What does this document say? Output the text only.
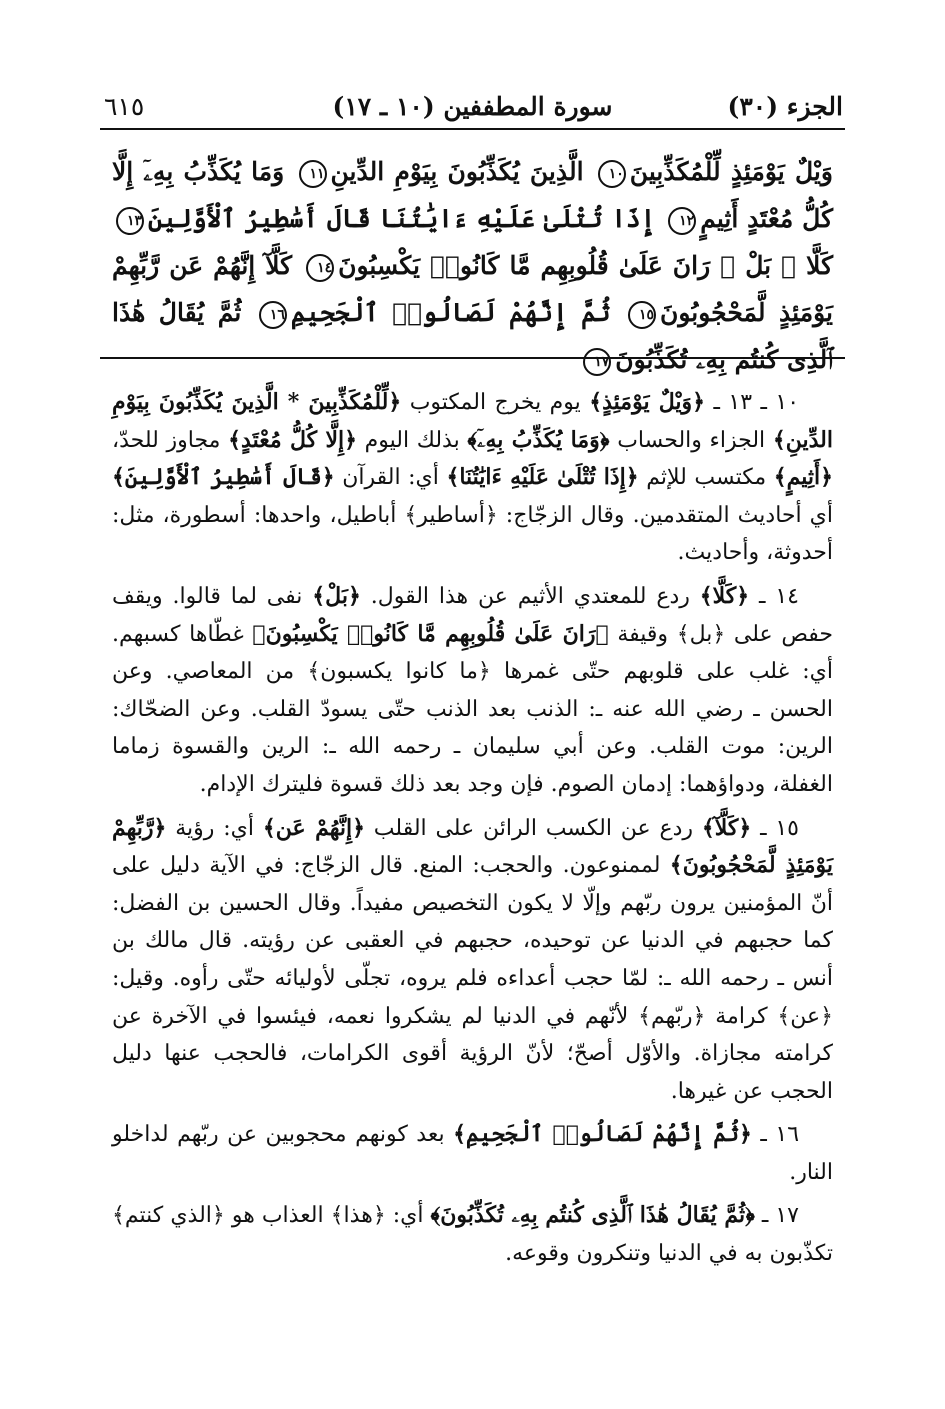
الجزء (٣٠)
سورة المطففين (١٠ ـ ١٧)
٦١٥
وَيْلٌ يَوْمَئِذٍ لِّلْمُكَذِّبِينَ١٠ الَّذِينَ يُكَذِّبُونَ بِيَوْمِ الدِّينِ١١ وَمَا يُكَذِّبُ بِهِۦٓ إِلَّا كُلُّ مُعْتَدٍ أَثِيمٍ١٢ إِذَا تُتْلَىٰ عَلَيْهِ ءَايَٰتُنَا قَالَ أَسَٰطِيرُ ٱلْأَوَّلِينَ١٣ كَلَّا ۖ بَلْ ۜ رَانَ عَلَىٰ قُلُوبِهِم مَّا كَانُوا۟ يَكْسِبُونَ١٤ كَلَّآ إِنَّهُمْ عَن رَّبِّهِمْ يَوْمَئِذٍ لَّمَحْجُوبُونَ١٥ ثُمَّ إِنَّهُمْ لَصَالُوا۟ ٱلْجَحِيمِ١٦ ثُمَّ يُقَالُ هَٰذَا ٱلَّذِى كُنتُم بِهِۦ تُكَذِّبُونَ١٧

١٠ ـ ١٣ ـ ﴿وَيْلٌ يَوْمَئِذٍ﴾ يوم يخرج المكتوب ﴿لِّلْمُكَذِّبِينَ * الَّذِينَ يُكَذِّبُونَ بِيَوْمِ الدِّينِ﴾ الجزاء والحساب ﴿وَمَا يُكَذِّبُ بِهِۦٓ﴾ بذلك اليوم ﴿إِلَّا كُلُّ مُعْتَدٍ﴾ مجاوز للحدّ، ﴿أَثِيمٍ﴾ مكتسب للإثم ﴿إِذَا تُتْلَىٰ عَلَيْهِ ءَايَٰتُنَا﴾ أي: القرآن ﴿قَالَ أَسَٰطِيرُ ٱلْأَوَّلِينَ﴾ أي أحاديث المتقدمين. وقال الزجّاج: ﴿أساطير﴾ أباطيل، واحدها: أسطورة، مثل: أحدوثة، وأحاديث.

١٤ ـ ﴿كَلَّا﴾ ردع للمعتدي الأثيم عن هذا القول. ﴿بَلْ﴾ نفى لما قالوا. ويقف حفص على ﴿بل﴾ وقيفة ﴿رَانَ عَلَىٰ قُلُوبِهِم مَّا كَانُوا۟ يَكْسِبُونَ﴾ غطّاها كسبهم. أي: غلب على قلوبهم حتّى غمرها ﴿ما كانوا يكسبون﴾ من المعاصي. وعن الحسن ـ رضي الله عنه ـ: الذنب بعد الذنب حتّى يسودّ القلب. وعن الضحّاك: الرين: موت القلب. وعن أبي سليمان ـ رحمه الله ـ: الرين والقسوة زماما الغفلة، ودواؤهما: إدمان الصوم. فإن وجد بعد ذلك قسوة فليترك الإدام.

١٥ ـ ﴿كَلَّآ﴾ ردع عن الكسب الرائن على القلب ﴿إِنَّهُمْ عَن﴾ أي: رؤية ﴿رَّبِّهِمْ يَوْمَئِذٍ لَّمَحْجُوبُونَ﴾ لممنوعون. والحجب: المنع. قال الزجّاج: في الآية دليل على أنّ المؤمنين يرون ربّهم وإلّا لا يكون التخصيص مفيداً. وقال الحسين بن الفضل: كما حجبهم في الدنيا عن توحيده، حجبهم في العقبى عن رؤيته. قال مالك بن أنس ـ رحمه الله ـ: لمّا حجب أعداءه فلم يروه، تجلّى لأوليائه حتّى رأوه. وقيل: ﴿عن﴾ كرامة ﴿ربّهم﴾ لأنّهم في الدنيا لم يشكروا نعمه، فيئسوا في الآخرة عن كرامته مجازاة. والأوّل أصحّ؛ لأنّ الرؤية أقوى الكرامات، فالحجب عنها دليل الحجب عن غيرها.

١٦ ـ ﴿ثُمَّ إِنَّهُمْ لَصَالُوا۟ ٱلْجَحِيمِ﴾ بعد كونهم محجوبين عن ربّهم لداخلو النار.

١٧ ـ ﴿ثُمَّ يُقَالُ هَٰذَا ٱلَّذِى كُنتُم بِهِۦ تُكَذِّبُونَ﴾ أي: ﴿هذا﴾ العذاب هو ﴿الذي كنتم﴾ تكذّبون به في الدنيا وتنكرون وقوعه.
